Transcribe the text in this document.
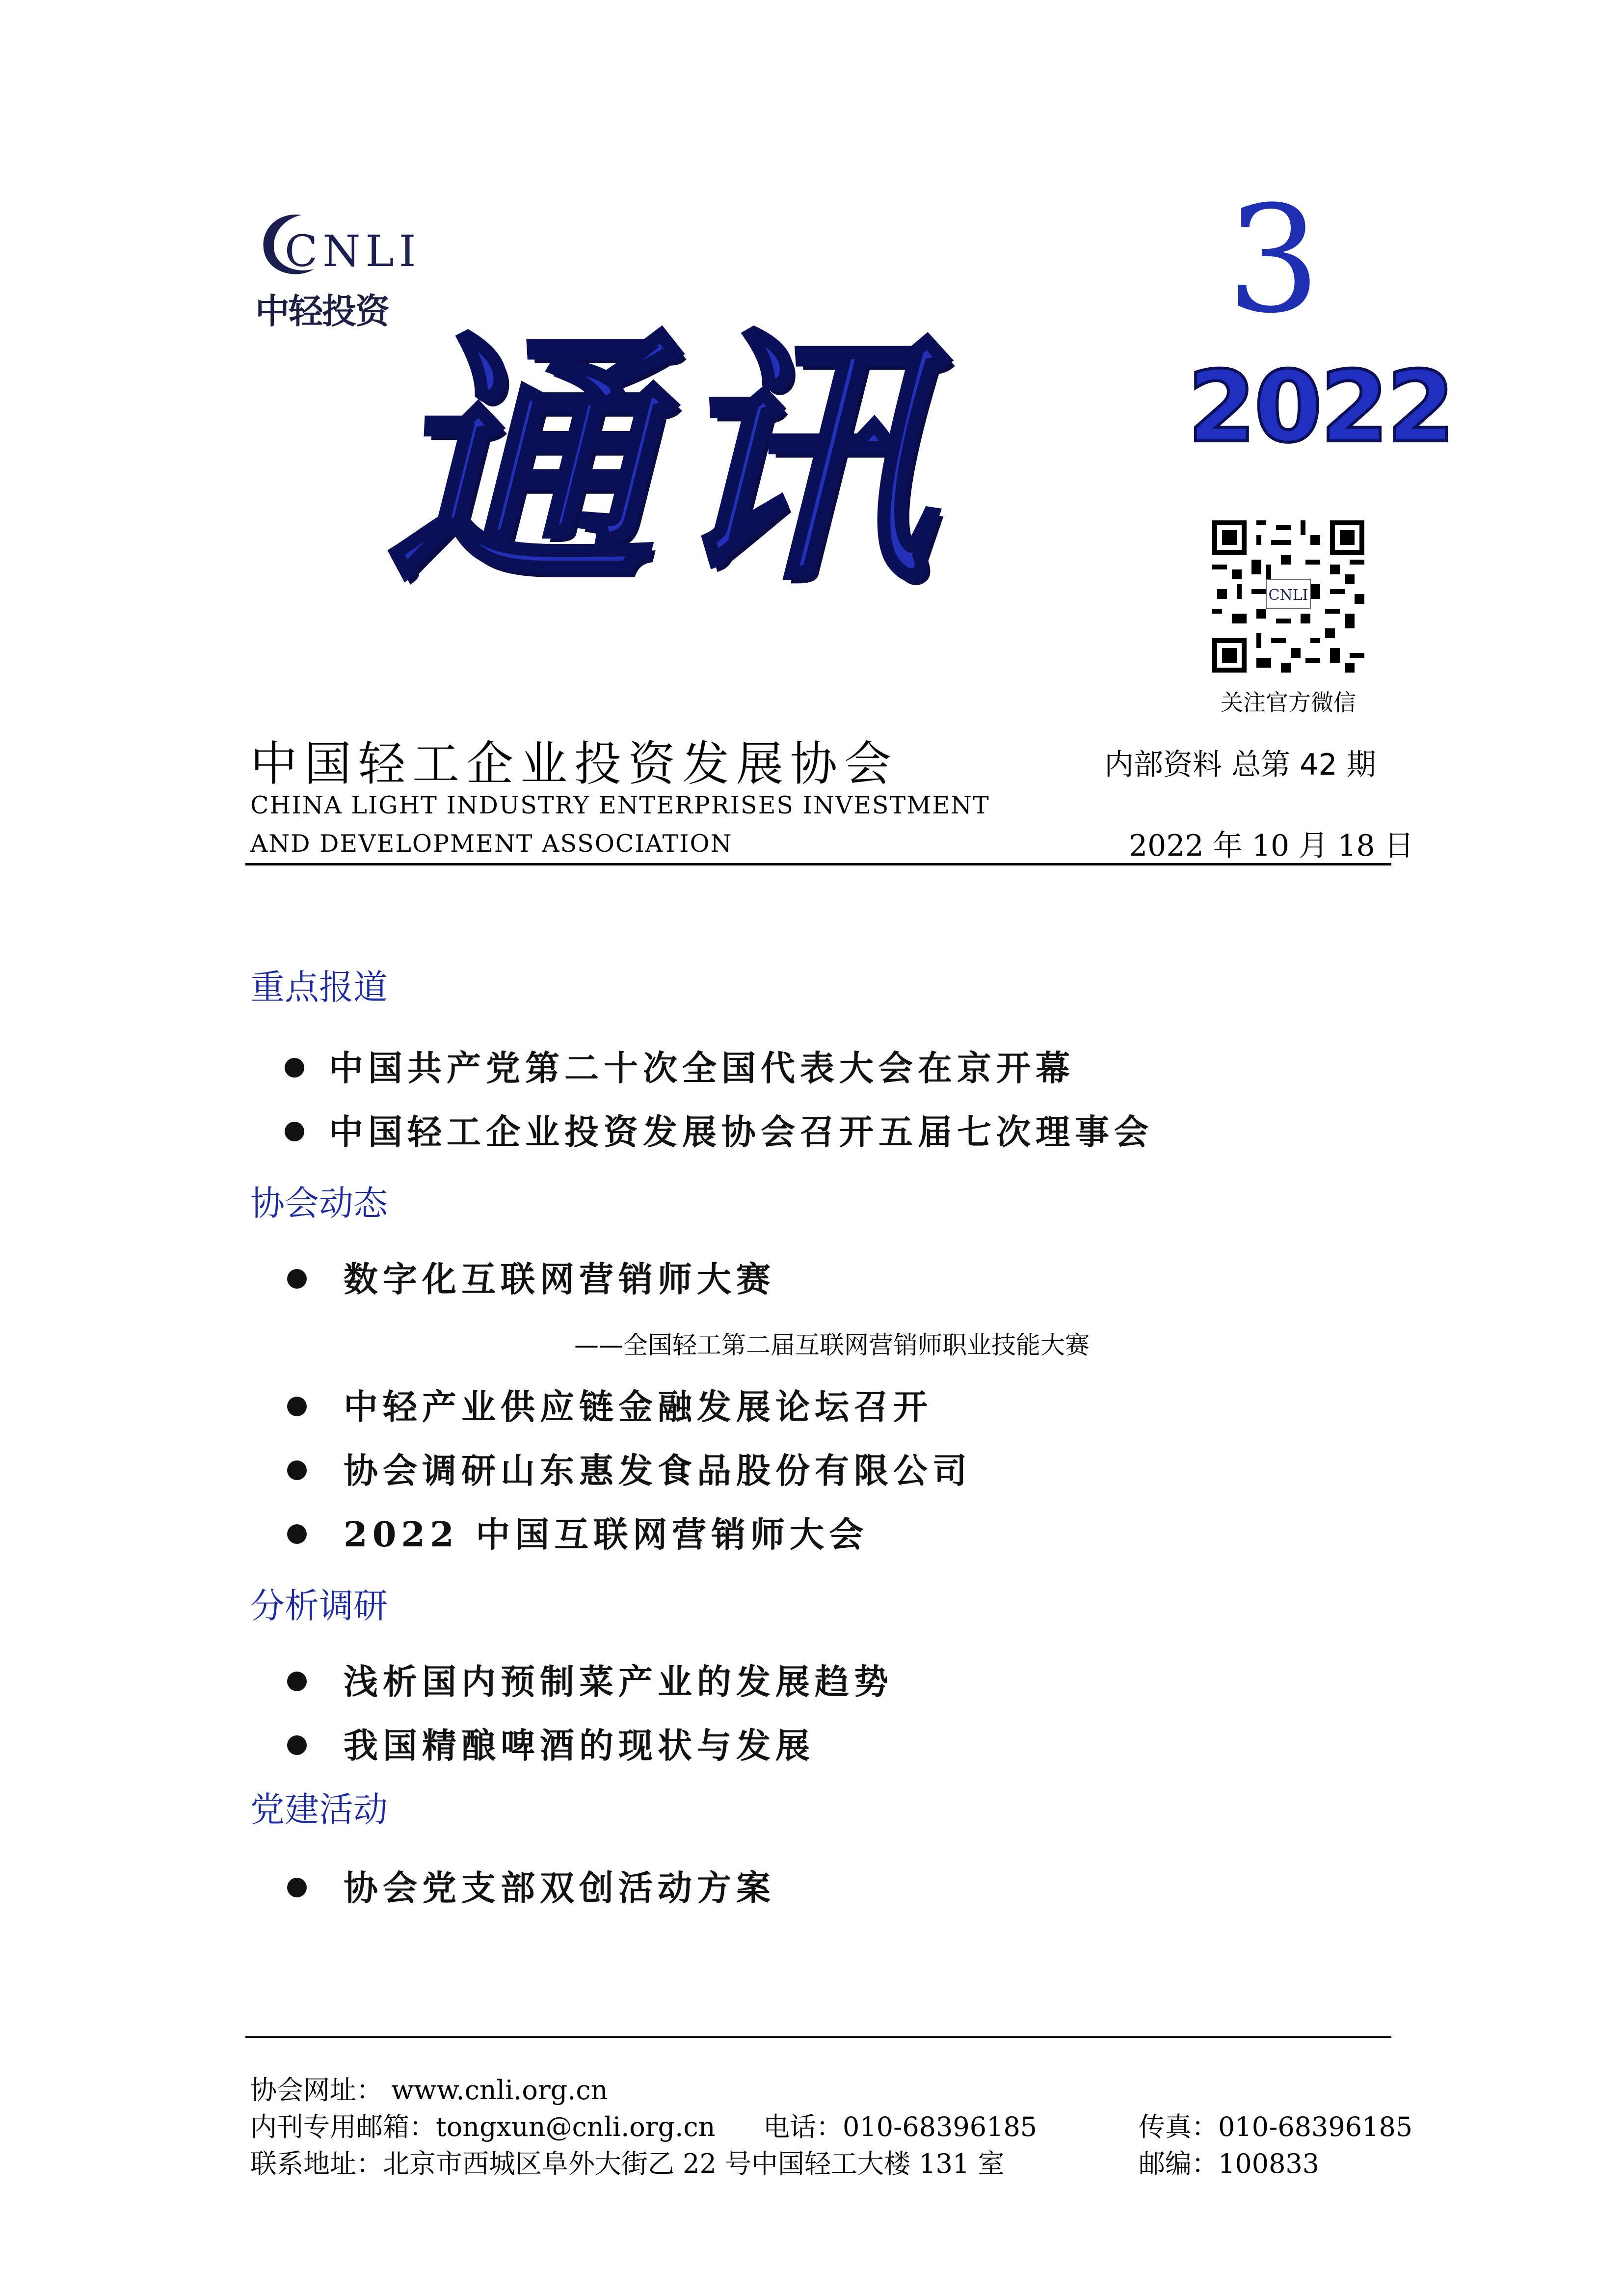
CNLI
中轻投资
通讯
3
2022
CNLI
关注官方微信
中国轻工企业投资发展协会
CHINA LIGHT INDUSTRY ENTERPRISES INVESTMENT
AND DEVELOPMENT ASSOCIATION
内部资料 总第 42 期
2022 年 10 月 18 日
重点报道
中国共产党第二十次全国代表大会在京开幕
中国轻工企业投资发展协会召开五届七次理事会
协会动态
数字化互联网营销师大赛
——全国轻工第二届互联网营销师职业技能大赛
中轻产业供应链金融发展论坛召开
协会调研山东惠发食品股份有限公司
2022 中国互联网营销师大会
分析调研
浅析国内预制菜产业的发展趋势
我国精酿啤酒的现状与发展
党建活动
协会党支部双创活动方案
协会网址： www.cnli.org.cn
内刊专用邮箱：tongxun@cnli.org.cn 电话：010-68396185	传真：010-68396185
联系地址：北京市西城区阜外大街乙 22 号中国轻工大楼 131 室	邮编：100833
